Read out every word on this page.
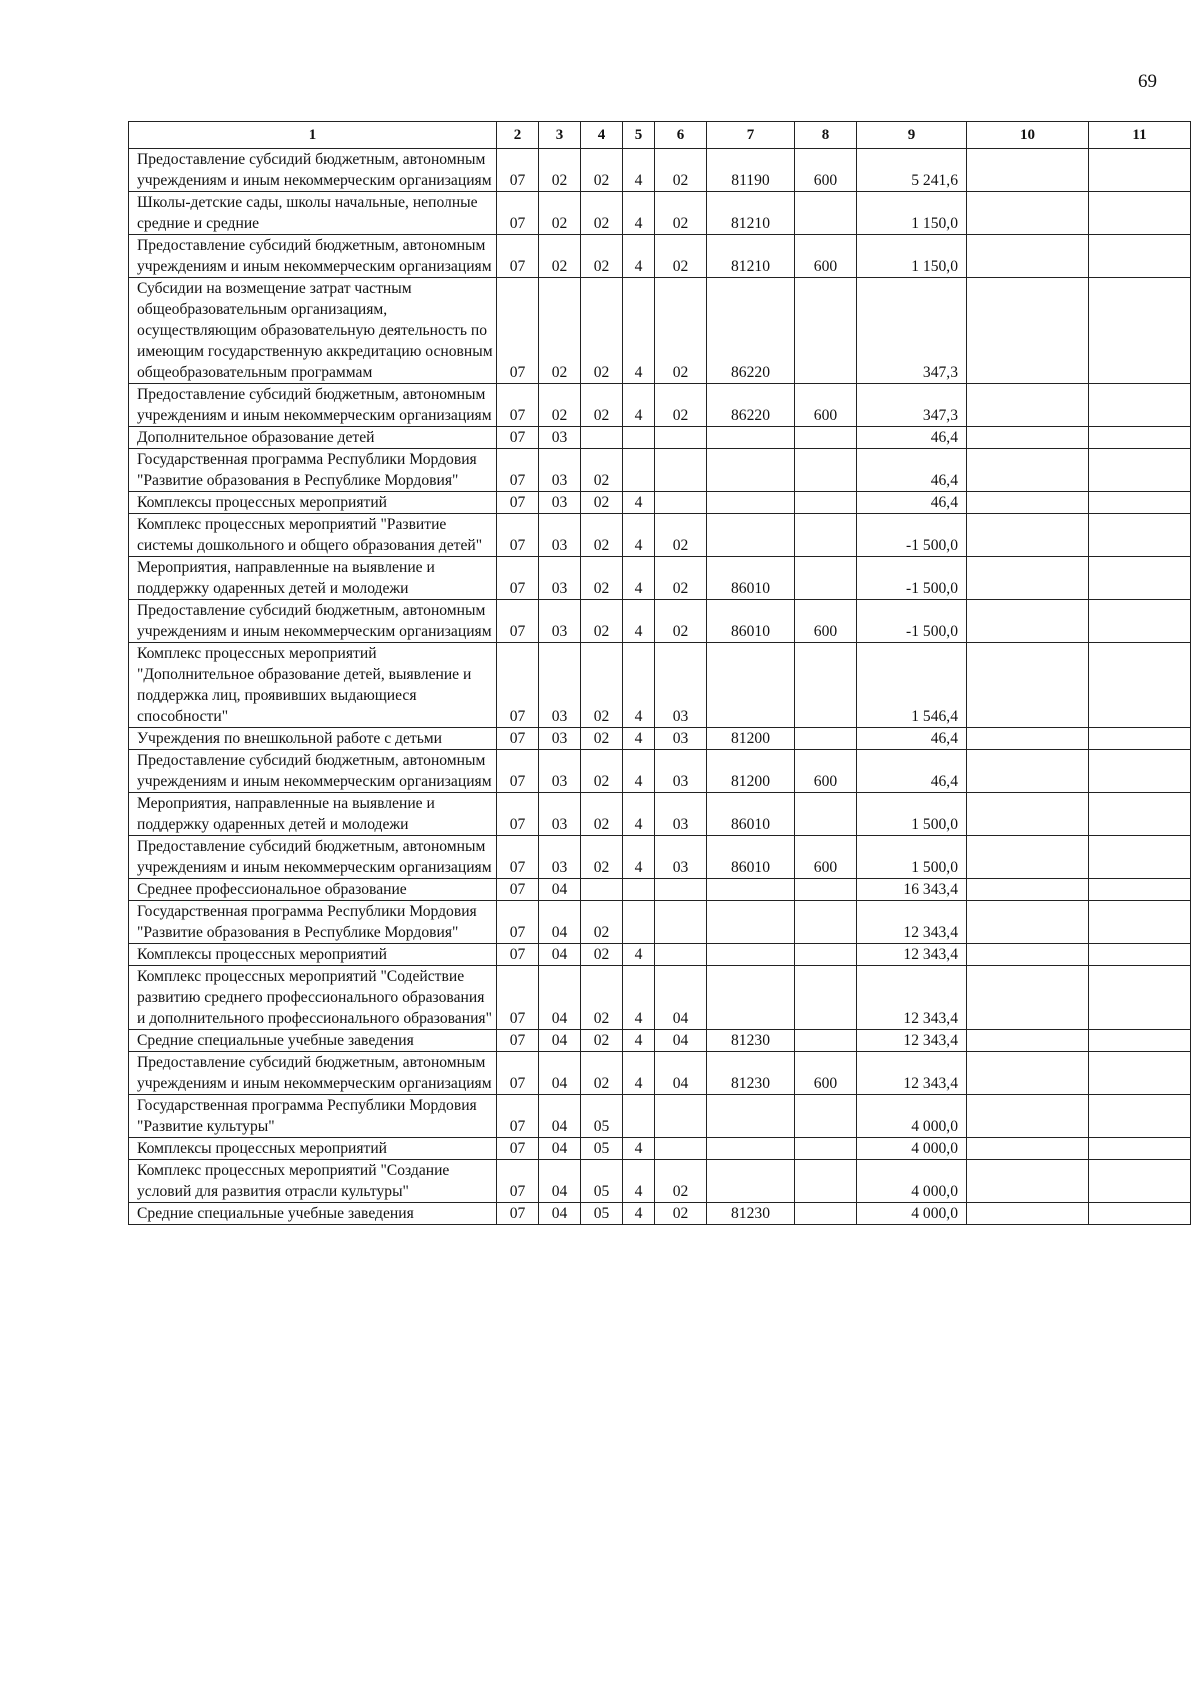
69
1	2	3	4	5	6	7	8	9	10	11
Предоставление субсидий бюджетным, автономным учреждениям и иным некоммерческим организациям	07	02	02	4	02	81190	600	5 241,6		
Школы-детские сады, школы начальные, неполные средние и средние	07	02	02	4	02	81210		1 150,0		
Предоставление субсидий бюджетным, автономным учреждениям и иным некоммерческим организациям	07	02	02	4	02	81210	600	1 150,0		
Субсидии на возмещение затрат частным общеобразовательным организациям, осуществляющим образовательную деятельность по имеющим государственную аккредитацию основным общеобразовательным программам	07	02	02	4	02	86220		347,3		
Предоставление субсидий бюджетным, автономным учреждениям и иным некоммерческим организациям	07	02	02	4	02	86220	600	347,3		
Дополнительное образование детей	07	03						46,4		
Государственная программа Республики Мордовия "Развитие образования в Республике Мордовия"	07	03	02					46,4		
Комплексы процессных мероприятий	07	03	02	4				46,4		
Комплекс процессных мероприятий "Развитие системы дошкольного и общего образования детей"	07	03	02	4	02			-1 500,0		
Мероприятия, направленные на выявление и поддержку одаренных детей и молодежи	07	03	02	4	02	86010		-1 500,0		
Предоставление субсидий бюджетным, автономным учреждениям и иным некоммерческим организациям	07	03	02	4	02	86010	600	-1 500,0		
Комплекс процессных мероприятий "Дополнительное образование детей, выявление и поддержка лиц, проявивших выдающиеся способности"	07	03	02	4	03			1 546,4		
Учреждения по внешкольной работе с детьми	07	03	02	4	03	81200		46,4		
Предоставление субсидий бюджетным, автономным учреждениям и иным некоммерческим организациям	07	03	02	4	03	81200	600	46,4		
Мероприятия, направленные на выявление и поддержку одаренных детей и молодежи	07	03	02	4	03	86010		1 500,0		
Предоставление субсидий бюджетным, автономным учреждениям и иным некоммерческим организациям	07	03	02	4	03	86010	600	1 500,0		
Среднее профессиональное образование	07	04						16 343,4		
Государственная программа Республики Мордовия "Развитие образования в Республике Мордовия"	07	04	02					12 343,4		
Комплексы процессных мероприятий	07	04	02	4				12 343,4		
Комплекс процессных мероприятий "Содействие развитию среднего профессионального образования и дополнительного профессионального образования"	07	04	02	4	04			12 343,4		
Средние специальные учебные заведения	07	04	02	4	04	81230		12 343,4		
Предоставление субсидий бюджетным, автономным учреждениям и иным некоммерческим организациям	07	04	02	4	04	81230	600	12 343,4		
Государственная программа Республики Мордовия "Развитие культуры"	07	04	05					4 000,0		
Комплексы процессных мероприятий	07	04	05	4				4 000,0		
Комплекс процессных мероприятий "Создание условий для развития отрасли культуры"	07	04	05	4	02			4 000,0		
Средние специальные учебные заведения	07	04	05	4	02	81230		4 000,0		
